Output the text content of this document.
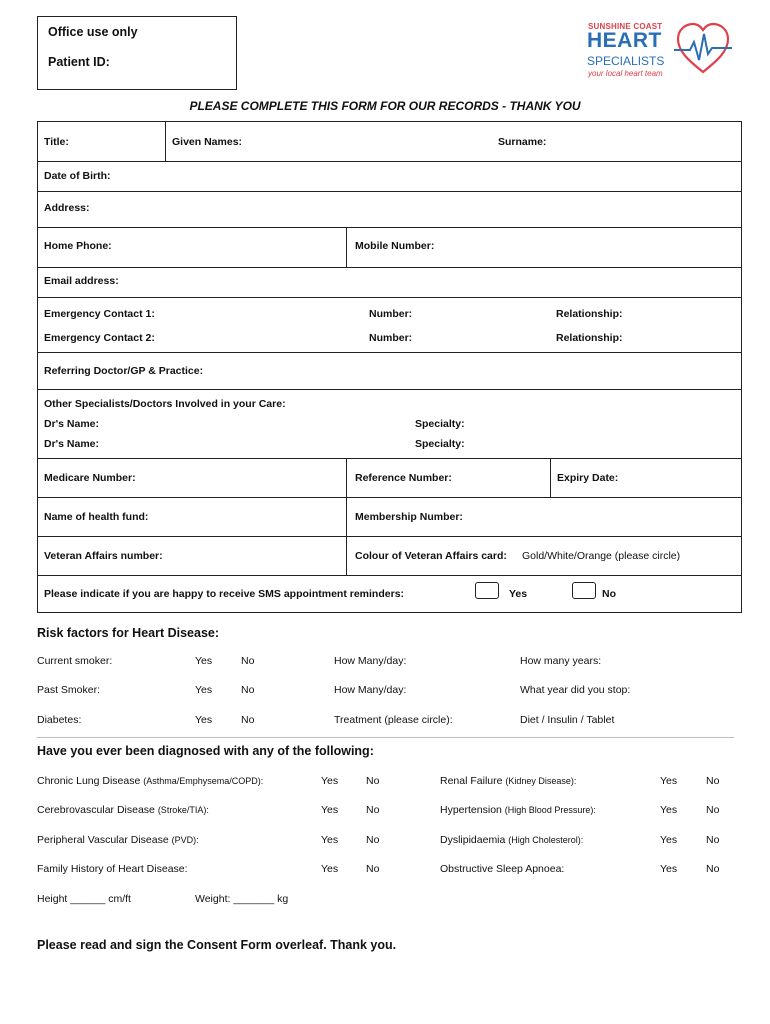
Office use only
Patient ID:
SUNSHINE COAST
HEART
SPECIALISTS
your local heart team
PLEASE COMPLETE THIS FORM FOR OUR RECORDS - THANK YOU
Title:	Given Names:	Surname:
Date of Birth:
Address:
Home Phone:	Mobile Number:
Email address:
Emergency Contact 1:	Number:	Relationship:
Emergency Contact 2:	Number:	Relationship:
Referring Doctor/GP & Practice:
Other Specialists/Doctors Involved in your Care:
Dr's Name:	Specialty:
Dr's Name:	Specialty:
Medicare Number:	Reference Number:	Expiry Date:
Name of health fund:	Membership Number:
Veteran Affairs number:	Colour of Veteran Affairs card: Gold/White/Orange (please circle)
Please indicate if you are happy to receive SMS appointment reminders:	Yes	No
Risk factors for Heart Disease:
Current smoker:	Yes	No	How Many/day:	How many years:
Past Smoker:	Yes	No	How Many/day:	What year did you stop:
Diabetes:	Yes	No	Treatment (please circle):	Diet / Insulin / Tablet
Have you ever been diagnosed with any of the following:
Chronic Lung Disease (Asthma/Emphysema/COPD):	Yes	No	Renal Failure (Kidney Disease):	Yes	No
Cerebrovascular Disease (Stroke/TIA):	Yes	No	Hypertension (High Blood Pressure):	Yes	No
Peripheral Vascular Disease (PVD):	Yes	No	Dyslipidaemia (High Cholesterol):	Yes	No
Family History of Heart Disease:	Yes	No	Obstructive Sleep Apnoea:	Yes	No
Height ______ cm/ft	Weight: _______ kg
Please read and sign the Consent Form overleaf. Thank you.
